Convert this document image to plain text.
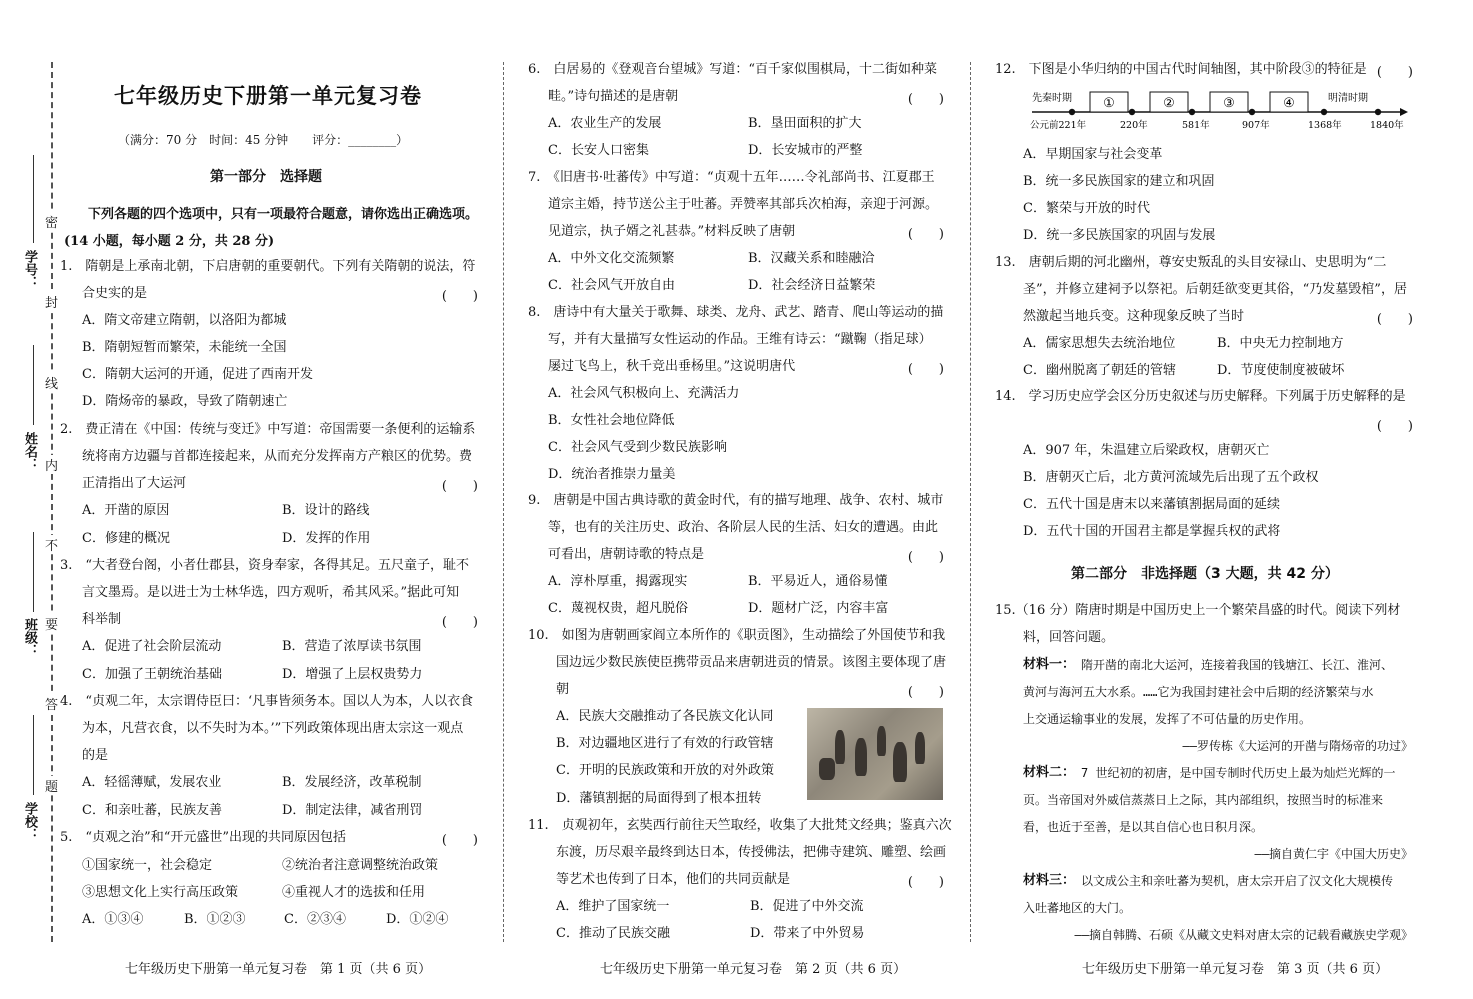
学号：
姓名：
班级：
学校：
密
封
线
内
不
要
答
题
七年级历史下册第一单元复习卷
（满分：70 分　时间：45 分钟　　评分：________）
第一部分　选择题
下列各题的四个选项中，只有一项最符合题意，请你选出正确选项。
(14 小题，每小题 2 分，共 28 分)
1.　隋朝是上承南北朝，下启唐朝的重要朝代。下列有关隋朝的说法，符
合史实的是	(　　)
A．隋文帝建立隋朝，以洛阳为都城
B．隋朝短暂而繁荣，未能统一全国
C．隋朝大运河的开通，促进了西南开发
D．隋炀帝的暴政，导致了隋朝速亡
2.　费正清在《中国：传统与变迁》中写道：帝国需要一条便利的运输系
统将南方边疆与首都连接起来，从而充分发挥南方产粮区的优势。费
正清指出了大运河	(　　)
A．开凿的原因	B．设计的路线
C．修建的概况	D．发挥的作用
3.　“大者登台阁，小者仕郡县，资身奉家，各得其足。五尺童子，耻不
言文墨焉。是以进士为士林华选，四方观听，希其风采。”据此可知
科举制	(　　)
A．促进了社会阶层流动	B．营造了浓厚读书氛围
C．加强了王朝统治基础	D．增强了上层权贵势力
4.　“贞观二年，太宗谓侍臣曰：‘凡事皆须务本。国以人为本，人以衣食
为本，凡营衣食，以不失时为本。’”下列政策体现出唐太宗这一观点
的是
A．轻徭薄赋，发展农业	B．发展经济，改革税制
C．和亲吐蕃，民族友善	D．制定法律，减省刑罚
5.　“贞观之治”和“开元盛世”出现的共同原因包括	(　　)
①国家统一，社会稳定	②统治者注意调整统治政策
③思想文化上实行高压政策	④重视人才的选拔和任用
A．①③④	B．①②③	C．②③④	D．①②④
七年级历史下册第一单元复习卷　第 1 页（共 6 页）
6.　白居易的《登观音台望城》写道：“百千家似围棋局，十二街如种菜
畦。”诗句描述的是唐朝	(　　)
A．农业生产的发展	B．垦田面积的扩大
C．长安人口密集	D．长安城市的严整
7.　《旧唐书·吐蕃传》中写道：“贞观十五年……令礼部尚书、江夏郡王
道宗主婚，持节送公主于吐蕃。弄赞率其部兵次柏海，亲迎于河源。
见道宗，执子婿之礼甚恭。”材料反映了唐朝	(　　)
A．中外文化交流频繁	B．汉藏关系和睦融洽
C．社会风气开放自由	D．社会经济日益繁荣
8.　唐诗中有大量关于歌舞、球类、龙舟、武艺、踏青、爬山等运动的描
写，并有大量描写女性运动的作品。王维有诗云：“蹴鞠（指足球）
屡过飞鸟上，秋千竞出垂杨里。”这说明唐代	(　　)
A．社会风气积极向上、充满活力
B．女性社会地位降低
C．社会风气受到少数民族影响
D．统治者推崇力量美
9.　唐朝是中国古典诗歌的黄金时代，有的描写地理、战争、农村、城市
等，也有的关注历史、政治、各阶层人民的生活、妇女的遭遇。由此
可看出，唐朝诗歌的特点是	(　　)
A．淳朴厚重，揭露现实	B．平易近人，通俗易懂
C．蔑视权贵，超凡脱俗	D．题材广泛，内容丰富
10.　如图为唐朝画家阎立本所作的《职贡图》，生动描绘了外国使节和我
国边远少数民族使臣携带贡品来唐朝进贡的情景。该图主要体现了唐
朝	(　　)
A．民族大交融推动了各民族文化认同
B．对边疆地区进行了有效的行政管辖
C．开明的民族政策和开放的对外政策
D．藩镇割据的局面得到了根本扭转
11.　贞观初年，玄奘西行前往天竺取经，收集了大批梵文经典；鉴真六次
东渡，历尽艰辛最终到达日本，传授佛法，把佛寺建筑、雕塑、绘画
等艺术也传到了日本，他们的共同贡献是	(　　)
A．维护了国家统一	B．促进了中外交流
C．推动了民族交融	D．带来了中外贸易
七年级历史下册第一单元复习卷　第 2 页（共 6 页）
12.　下图是小华归纳的中国古代时间轴图，其中阶段③的特征是 (　　)
A．早期国家与社会变革
B．统一多民族国家的建立和巩固
C．繁荣与开放的时代
D．统一多民族国家的巩固与发展
13.　唐朝后期的河北幽州，尊安史叛乱的头目安禄山、史思明为“二
圣”，并修立建祠予以祭祀。后朝廷欲变更其俗，“乃发墓毁棺”，居
然激起当地兵变。这种现象反映了当时	(　　)
A．儒家思想失去统治地位	B．中央无力控制地方
C．幽州脱离了朝廷的管辖	D．节度使制度被破坏
14.　学习历史应学会区分历史叙述与历史解释。下列属于历史解释的是
(　　)
A．907 年，朱温建立后梁政权，唐朝灭亡
B．唐朝灭亡后，北方黄河流域先后出现了五个政权
C．五代十国是唐末以来藩镇割据局面的延续
D．五代十国的开国君主都是掌握兵权的武将
第二部分　非选择题（3 大题，共 42 分）
15.（16 分）隋唐时期是中国历史上一个繁荣昌盛的时代。阅读下列材
料，回答问题。
材料一： 隋开凿的南北大运河，连接着我国的钱塘江、长江、淮河、
黄河与海河五大水系。……它为我国封建社会中后期的经济繁荣与水
上交通运输事业的发展，发挥了不可估量的历史作用。
——罗传栋《大运河的开凿与隋炀帝的功过》
材料二： 7 世纪初的初唐，是中国专制时代历史上最为灿烂光辉的一
页。当帝国对外威信蒸蒸日上之际，其内部组织，按照当时的标准来
看，也近于至善，是以其自信心也日积月深。
——摘自黄仁宇《中国大历史》
材料三： 以文成公主和亲吐蕃为契机，唐太宗开启了汉文化大规模传
入吐蕃地区的大门。
——摘自韩腾、石硕《从藏文史料对唐太宗的记载看藏族史学观》
先秦时期	明清时期
①	②	③	④
公元前221年	220年	581年	907年	1368年	1840年
七年级历史下册第一单元复习卷　第 3 页（共 6 页）
